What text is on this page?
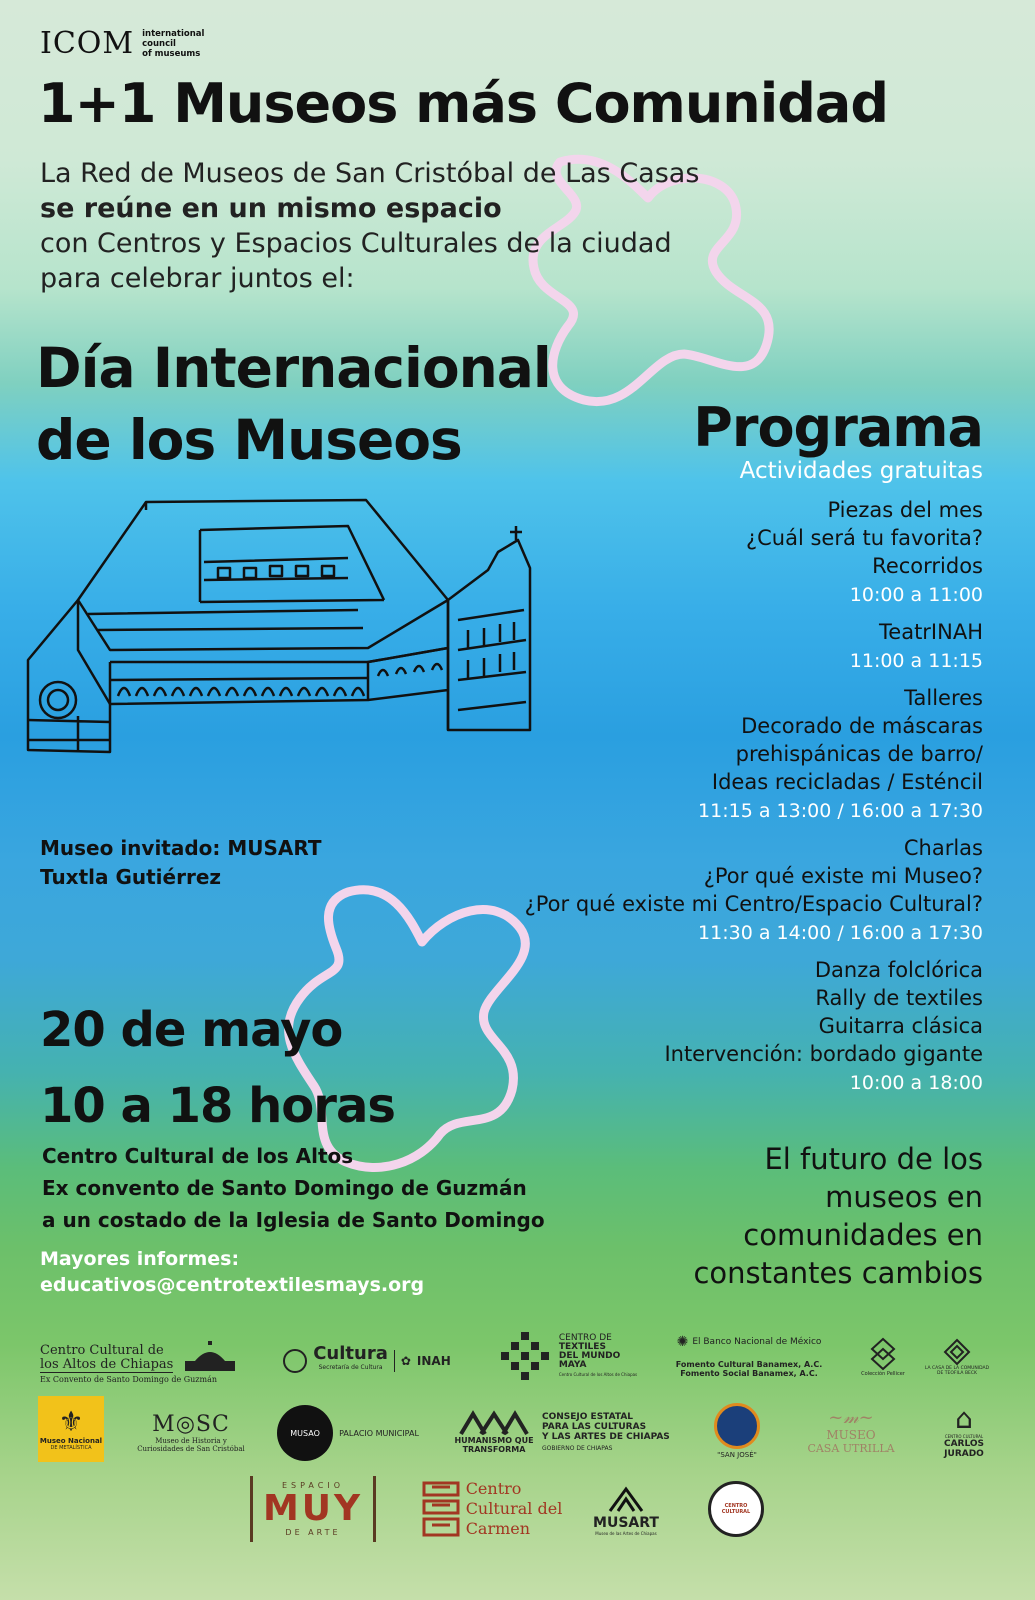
ICOM international
council
of museums
1+1 Museos más Comunidad
La Red de Museos de San Cristóbal de Las Casas
se reúne en un mismo espacio
con Centros y Espacios Culturales de la ciudad
para celebrar juntos el:
Día Internacional
de los Museos	Programa
Actividades gratuitas
Piezas del mes
¿Cuál será tu favorita?
Recorridos
10:00 a 11:00
TeatrINAH
11:00 a 11:15
Talleres
Decorado de máscaras
prehispánicas de barro/
Ideas recicladas / Esténcil
11:15 a 13:00 / 16:00 a 17:30
Charlas
¿Por qué existe mi Museo?
¿Por qué existe mi Centro/Espacio Cultural?
11:30 a 14:00 / 16:00 a 17:30
Danza folclórica
Rally de textiles
Guitarra clásica
Intervención: bordado gigante
10:00 a 18:00
El futuro de los
museos en
comunidades en
constantes cambios
Museo invitado: MUSART
Tuxtla Gutiérrez
20 de mayo
10 a 18 horas
Centro Cultural de los Altos
Ex convento de Santo Domingo de Guzmán
a un costado de la Iglesia de Santo Domingo
Mayores informes:
educativos@centrotextilesmays.org
Centro Cultural de
los Altos de Chiapas
Ex Convento de Santo Domingo de Guzmán
Cultura
Secretaría de Cultura	✿ INAH
CENTRO DE
TEXTILES
DEL MUNDO
MAYA
Centro Cultural de los Altos de Chiapas
✺ El Banco Nacional de México
Fomento Cultural Banamex, A.C.
Fomento Social Banamex, A.C.	Colección Pellicer
LA CASA DE LA COMUNIDAD DE TEOFILA BECK
⚜
Museo Nacional
DE METALÍSTICA
M◎SC
Museo de Historia y
Curiosidades de San Cristóbal
MUSAO PALACIO MUNICIPAL
HUMANISMO QUE
TRANSFORMA
CONSEJO ESTATAL
PARA LAS CULTURAS
Y LAS ARTES DE CHIAPAS
GOBIERNO DE CHIAPAS
"SAN JOSÉ"
~𝓂~
MUSEO
CASA UTRILLA
⌂
CENTRO CULTURAL
CARLOS
JURADO
ESPACIO
MUY
DE ARTE
Centro
Cultural del
Carmen	MUSART
Museo de las Artes de Chiapas
CENTRO CULTURAL
